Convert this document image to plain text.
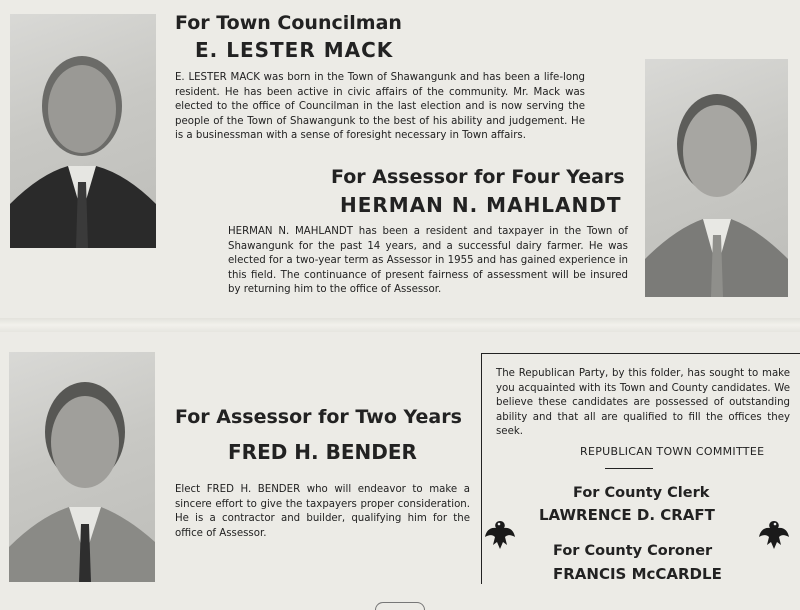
For Town Councilman
E. LESTER MACK
E. LESTER MACK was born in the Town of Shawangunk and has been a life-long resident. He has been active in civic affairs of the community. Mr. Mack was elected to the office of Councilman in the last election and is now serving the people of the Town of Shawangunk to the best of his ability and judgement. He is a businessman with a sense of foresight necessary in Town affairs.
For Assessor for Four Years
HERMAN N. MAHLANDT
HERMAN N. MAHLANDT has been a resident and taxpayer in the Town of Shawangunk for the past 14 years, and a successful dairy farmer. He was elected for a two-year term as Assessor in 1955 and has gained experience in this field. The continuance of present fairness of assessment will be insured by returning him to the office of Assessor.
For Assessor for Two Years
FRED H. BENDER
Elect FRED H. BENDER who will endeavor to make a sincere effort to give the taxpayers proper consideration. He is a contractor and builder, qualifying him for the office of Assessor.
The Republican Party, by this folder, has sought to make you acquainted with its Town and County candidates. We believe these candidates are possessed of outstanding ability and that all are qualified to fill the offices they seek.
REPUBLICAN TOWN COMMITTEE
For County Clerk
LAWRENCE D. CRAFT
For County Coroner
FRANCIS McCARDLE
